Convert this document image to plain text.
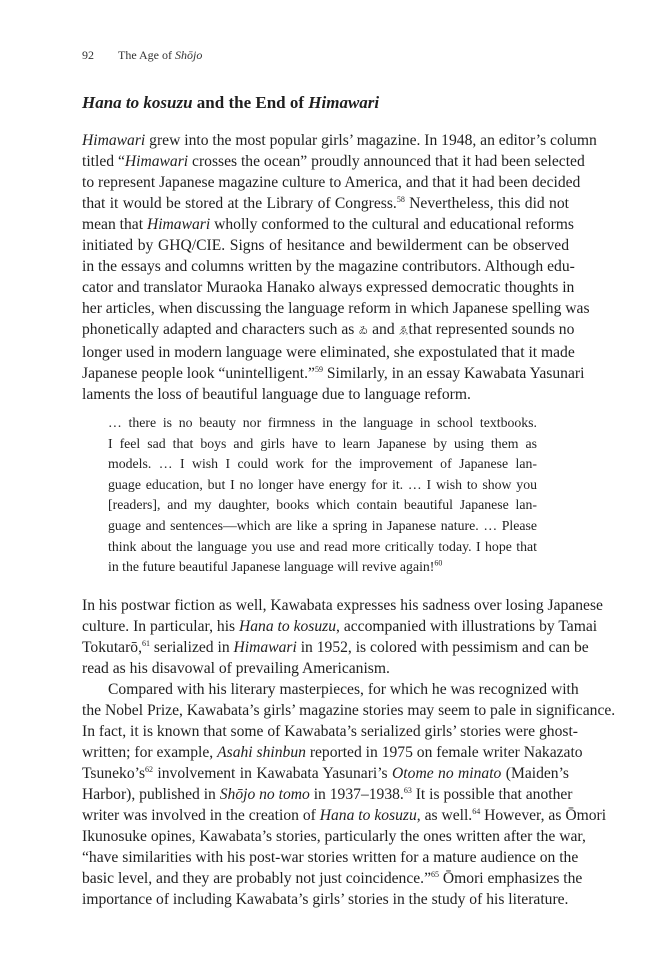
92 The Age of Shōjo
Hana to kosuzu and the End of Himawari
Himawari grew into the most popular girls’ magazine. In 1948, an editor’s column
titled “Himawari crosses the ocean” proudly announced that it had been selected
to represent Japanese magazine culture to America, and that it had been decided
that it would be stored at the Library of Congress.$^{58}$ Nevertheless, this did not
mean that Himawari wholly conformed to the cultural and educational reforms
initiated by GHQ/CIE. Signs of hesitance and bewilderment can be observed
in the essays and columns written by the magazine contributors. Although edu-
cator and translator Muraoka Hanako always expressed democratic thoughts in
her articles, when discussing the language reform in which Japanese spelling was
phonetically adapted and characters such as ゐ and ゑthat represented sounds no
longer used in modern language were eliminated, she expostulated that it made
Japanese people look “unintelligent.”$^{59}$ Similarly, in an essay Kawabata Yasunari
laments the loss of beautiful language due to language reform.
… there is no beauty nor firmness in the language in school textbooks.
I feel sad that boys and girls have to learn Japanese by using them as
models. … I wish I could work for the improvement of Japanese lan-
guage education, but I no longer have energy for it. … I wish to show you
[readers], and my daughter, books which contain beautiful Japanese lan-
guage and sentences—which are like a spring in Japanese nature. … Please
think about the language you use and read more critically today. I hope that
in the future beautiful Japanese language will revive again!$^{60}$
In his postwar fiction as well, Kawabata expresses his sadness over losing Japanese
culture. In particular, his Hana to kosuzu, accompanied with illustrations by Tamai
Tokutarō,$^{61}$ serialized in Himawari in 1952, is colored with pessimism and can be
read as his disavowal of prevailing Americanism.
Compared with his literary masterpieces, for which he was recognized with
the Nobel Prize, Kawabata’s girls’ magazine stories may seem to pale in significance.
In fact, it is known that some of Kawabata’s serialized girls’ stories were ghost-
written; for example, Asahi shinbun reported in 1975 on female writer Nakazato
$Tsuneko’s^{62}$ involvement in Kawabata Yasunari’s Otome no minato (Maiden’s
Harbor), published in Shōjo no tomo in 1937–1938.63 It is possible that another
writer was involved in the creation of Hana to kosuzu, as well.$^{64}$ However, as Ōmori
Ikunosuke opines, Kawabata’s stories, particularly the ones written after the war,
“have similarities with his post-war stories written for a mature audience on the
basic level, and they are probably not just coincidence.”$^{65}$ Ōmori emphasizes the
importance of including Kawabata’s girls’ stories in the study of his literature.
